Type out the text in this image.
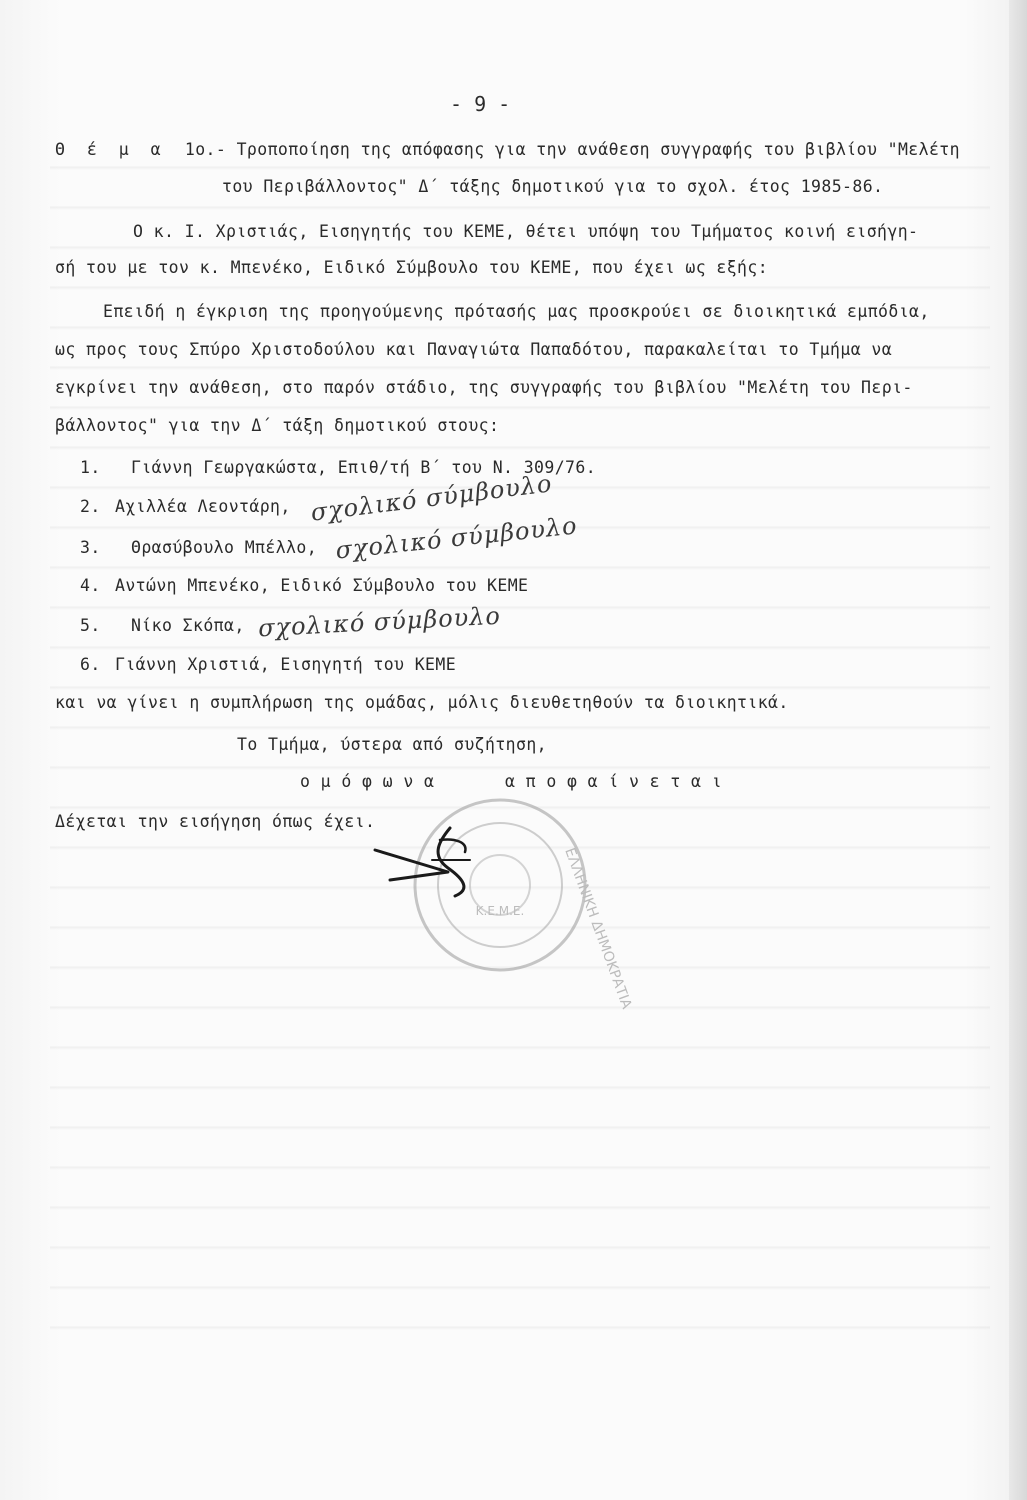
- 9 -
Θ έ μ α 1ο.- Τροποποίηση της απόφασης για την ανάθεση συγγραφής του βιβλίου "Μελέτη
του Περιβάλλοντος" Δ΄ τάξης δημοτικού για το σχολ. έτος 1985-86.
Ο κ. Ι. Χριστιάς, Εισηγητής του ΚΕΜΕ, θέτει υπόψη του Τμήματος κοινή εισήγη-
σή του με τον κ. Μπενέκο, Ειδικό Σύμβουλο του ΚΕΜΕ, που έχει ως εξής:
Επειδή η έγκριση της προηγούμενης πρότασής μας προσκρούει σε διοικητικά εμπόδια,
ως προς τους Σπύρο Χριστοδούλου και Παναγιώτα Παπαδότου, παρακαλείται το Τμήμα να
εγκρίνει την ανάθεση, στο παρόν στάδιο, της συγγραφής του βιβλίου "Μελέτη του Περι-
βάλλοντος" για την Δ΄ τάξη δημοτικού στους:
1. Γιάννη Γεωργακώστα, Επιθ/τή Β΄ του Ν. 309/76.
2. Αχιλλέα Λεοντάρη, σχολικό σύμβουλο
3. Θρασύβουλο Μπέλλο, σχολικό σύμβουλο
4. Αντώνη Μπενέκο, Ειδικό Σύμβουλο του ΚΕΜΕ
5. Νίκο Σκόπα, σχολικό σύμβουλο
6. Γιάννη Χριστιά, Εισηγητή του ΚΕΜΕ
και να γίνει η συμπλήρωση της ομάδας, μόλις διευθετηθούν τα διοικητικά.
Το Τμήμα, ύστερα από συζήτηση,
ο μ ό φ ω ν α	α π ο φ α ί ν ε τ α ι
Δέχεται την εισήγηση όπως έχει.
Κ.Ε.Μ.Ε.	ΕΛΛΗΝΙΚΗ ΔΗΜΟΚΡΑΤΙΑ
